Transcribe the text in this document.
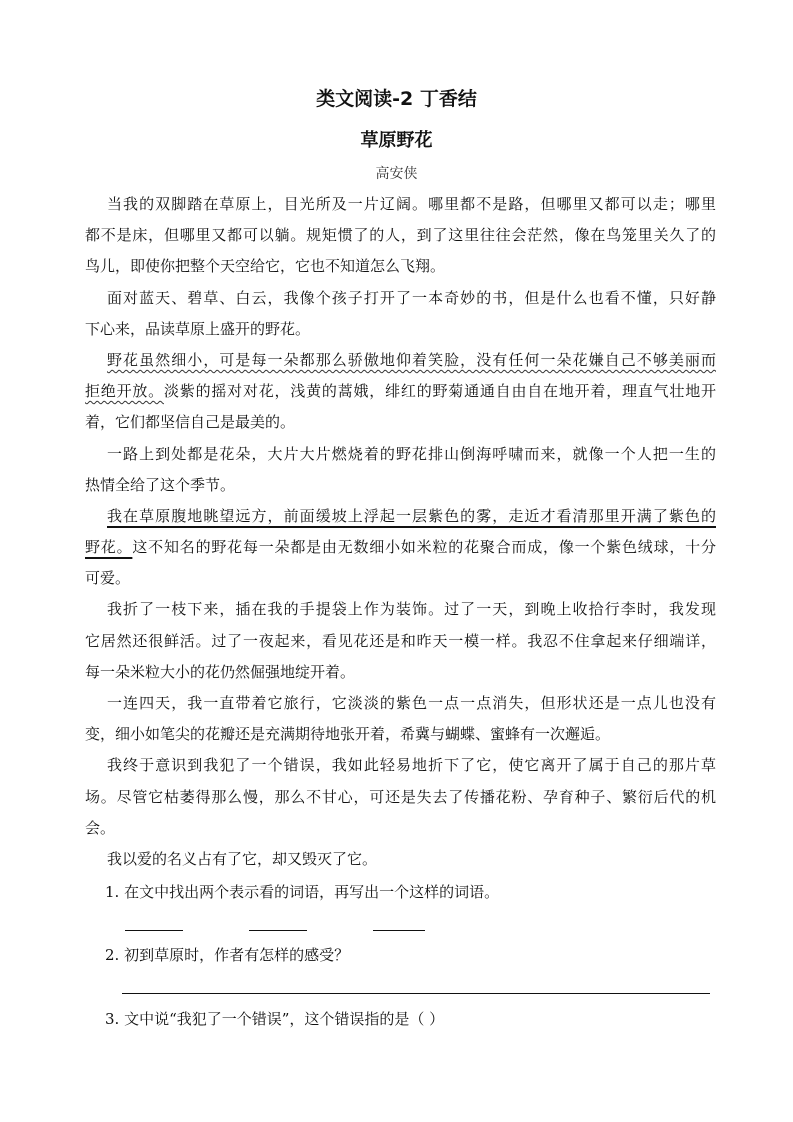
类文阅读-2 丁香结
草原野花
高安侠
当我的双脚踏在草原上，目光所及一片辽阔。哪里都不是路，但哪里又都可以走；哪里
都不是床，但哪里又都可以躺。规矩惯了的人，到了这里往往会茫然，像在鸟笼里关久了的
鸟儿，即使你把整个天空给它，它也不知道怎么飞翔。
面对蓝天、碧草、白云，我像个孩子打开了一本奇妙的书，但是什么也看不懂，只好静
下心来，品读草原上盛开的野花。
野花虽然细小，可是每一朵都那么骄傲地仰着笑脸，没有任何一朵花嫌自己不够美丽而
拒绝开放。淡紫的摇对对花，浅黄的蒿娥，绯红的野菊通通自由自在地开着，理直气壮地开
着，它们都坚信自己是最美的。
一路上到处都是花朵，大片大片燃烧着的野花排山倒海呼啸而来，就像一个人把一生的
热情全给了这个季节。
我在草原腹地眺望远方，前面缓坡上浮起一层紫色的雾，走近才看清那里开满了紫色的
野花。这不知名的野花每一朵都是由无数细小如米粒的花聚合而成，像一个紫色绒球，十分
可爱。
我折了一枝下来，插在我的手提袋上作为装饰。过了一天，到晚上收拾行李时，我发现
它居然还很鲜活。过了一夜起来，看见花还是和昨天一模一样。我忍不住拿起来仔细端详，
每一朵米粒大小的花仍然倔强地绽开着。
一连四天，我一直带着它旅行，它淡淡的紫色一点一点消失，但形状还是一点儿也没有
变，细小如笔尖的花瓣还是充满期待地张开着，希冀与蝴蝶、蜜蜂有一次邂逅。
我终于意识到我犯了一个错误，我如此轻易地折下了它，使它离开了属于自己的那片草
场。尽管它枯萎得那么慢，那么不甘心，可还是失去了传播花粉、孕育种子、繁衍后代的机
会。
我以爱的名义占有了它，却又毁灭了它。
1. 在文中找出两个表示看的词语，再写出一个这样的词语。
2. 初到草原时，作者有怎样的感受？
3. 文中说“我犯了一个错误”，这个错误指的是（ ）
